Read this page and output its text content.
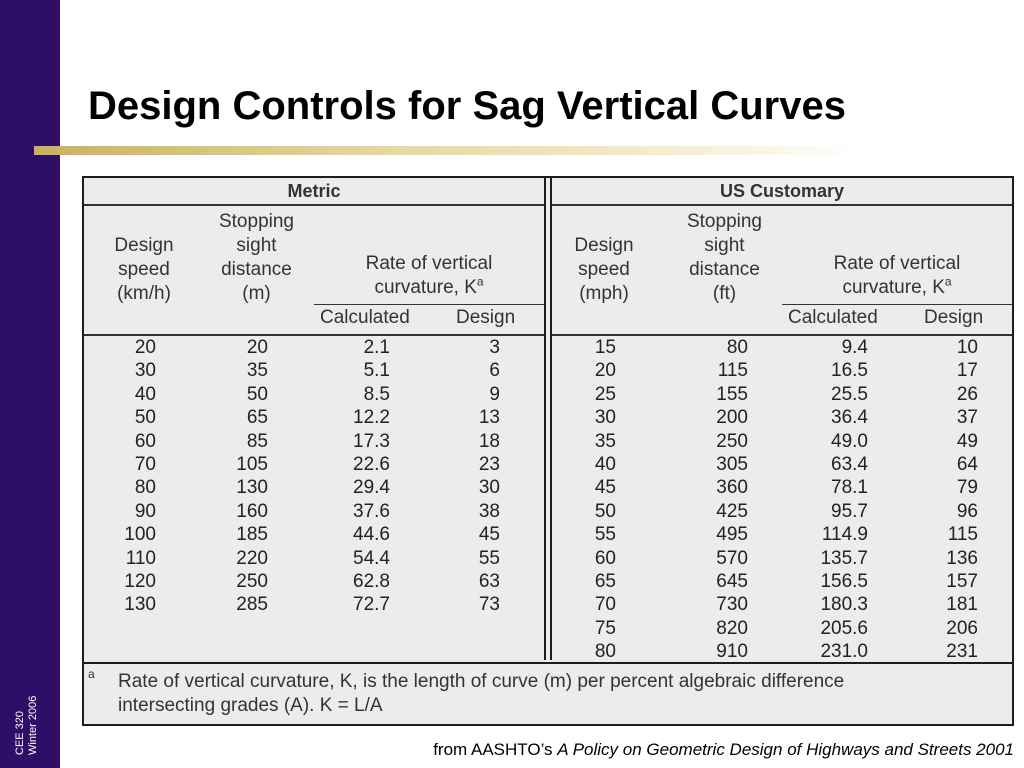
CEE 320 Winter 2006
Design Controls for Sag Vertical Curves
Metric
Design
speed
(km/h)
Stopping
sight
distance
(m)
Rate of vertical
curvature, $K^a$
Calculated Design
20
30
40
50
60
70
80
90
100
110
120
130
20
35
50
65
85
105
130
160
185
220
250
285
2.1
5.1
8.5
12.2
17.3
22.6
29.4
37.6
44.6
54.4
62.8
72.7
3
6
9
13
18
23
30
38
45
55
63
73
US Customary
Design
speed
(mph)
Stopping
sight
distance
(ft)
Rate of vertical
curvature, $K^a$
Calculated Design
15
20
25
30
35
40
45
50
55
60
65
70
75
80
80
115
155
200
250
305
360
425
495
570
645
730
820
910
9.4
16.5
25.5
36.4
49.0
63.4
78.1
95.7
114.9
135.7
156.5
180.3
205.6
231.0
10
17
26
37
49
64
79
96
115
136
157
181
206
231
a Rate of vertical curvature, K, is the length of curve (m) per percent algebraic difference
intersecting grades (A). K = L/A
from AASHTO’s A Policy on Geometric Design of Highways and Streets 2001
